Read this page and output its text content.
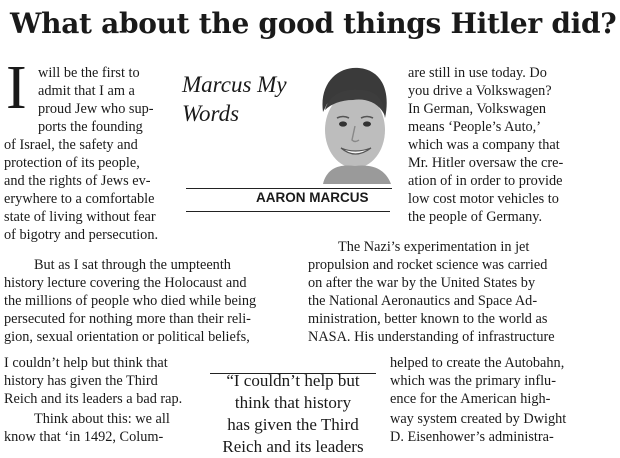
What about the good things Hitler did?
I will be the first to
admit that I am a
proud Jew who sup-
ports the founding
of Israel, the safety and
protection of its people,
and the rights of Jews ev-
erywhere to a comfortable
state of living without fear
of bigotry and persecution.
But as I sat through the umpteenth
history lecture covering the Holocaust and
the millions of people who died while being
persecuted for nothing more than their reli-
gion, sexual orientation or political beliefs,
I couldn’t help but think that
history has given the Third
Reich and its leaders a bad rap.
Think about this: we all
know that ‘in 1492, Colum-
Marcus My
Words
AARON MARCUS
are still in use today. Do
you drive a Volkswagen?
In German, Volkswagen
means ‘People’s Auto,’
which was a company that
Mr. Hitler oversaw the cre-
ation of in order to provide
low cost motor vehicles to
the people of Germany.
The Nazi’s experimentation in jet
propulsion and rocket science was carried
on after the war by the United States by
the National Aeronautics and Space Ad-
ministration, better known to the world as
NASA. His understanding of infrastructure
helped to create the Autobahn,
which was the primary influ-
ence for the American high-
way system created by Dwight
D. Eisenhower’s administra-
“I couldn’t help but
think that history
has given the Third
Reich and its leaders
